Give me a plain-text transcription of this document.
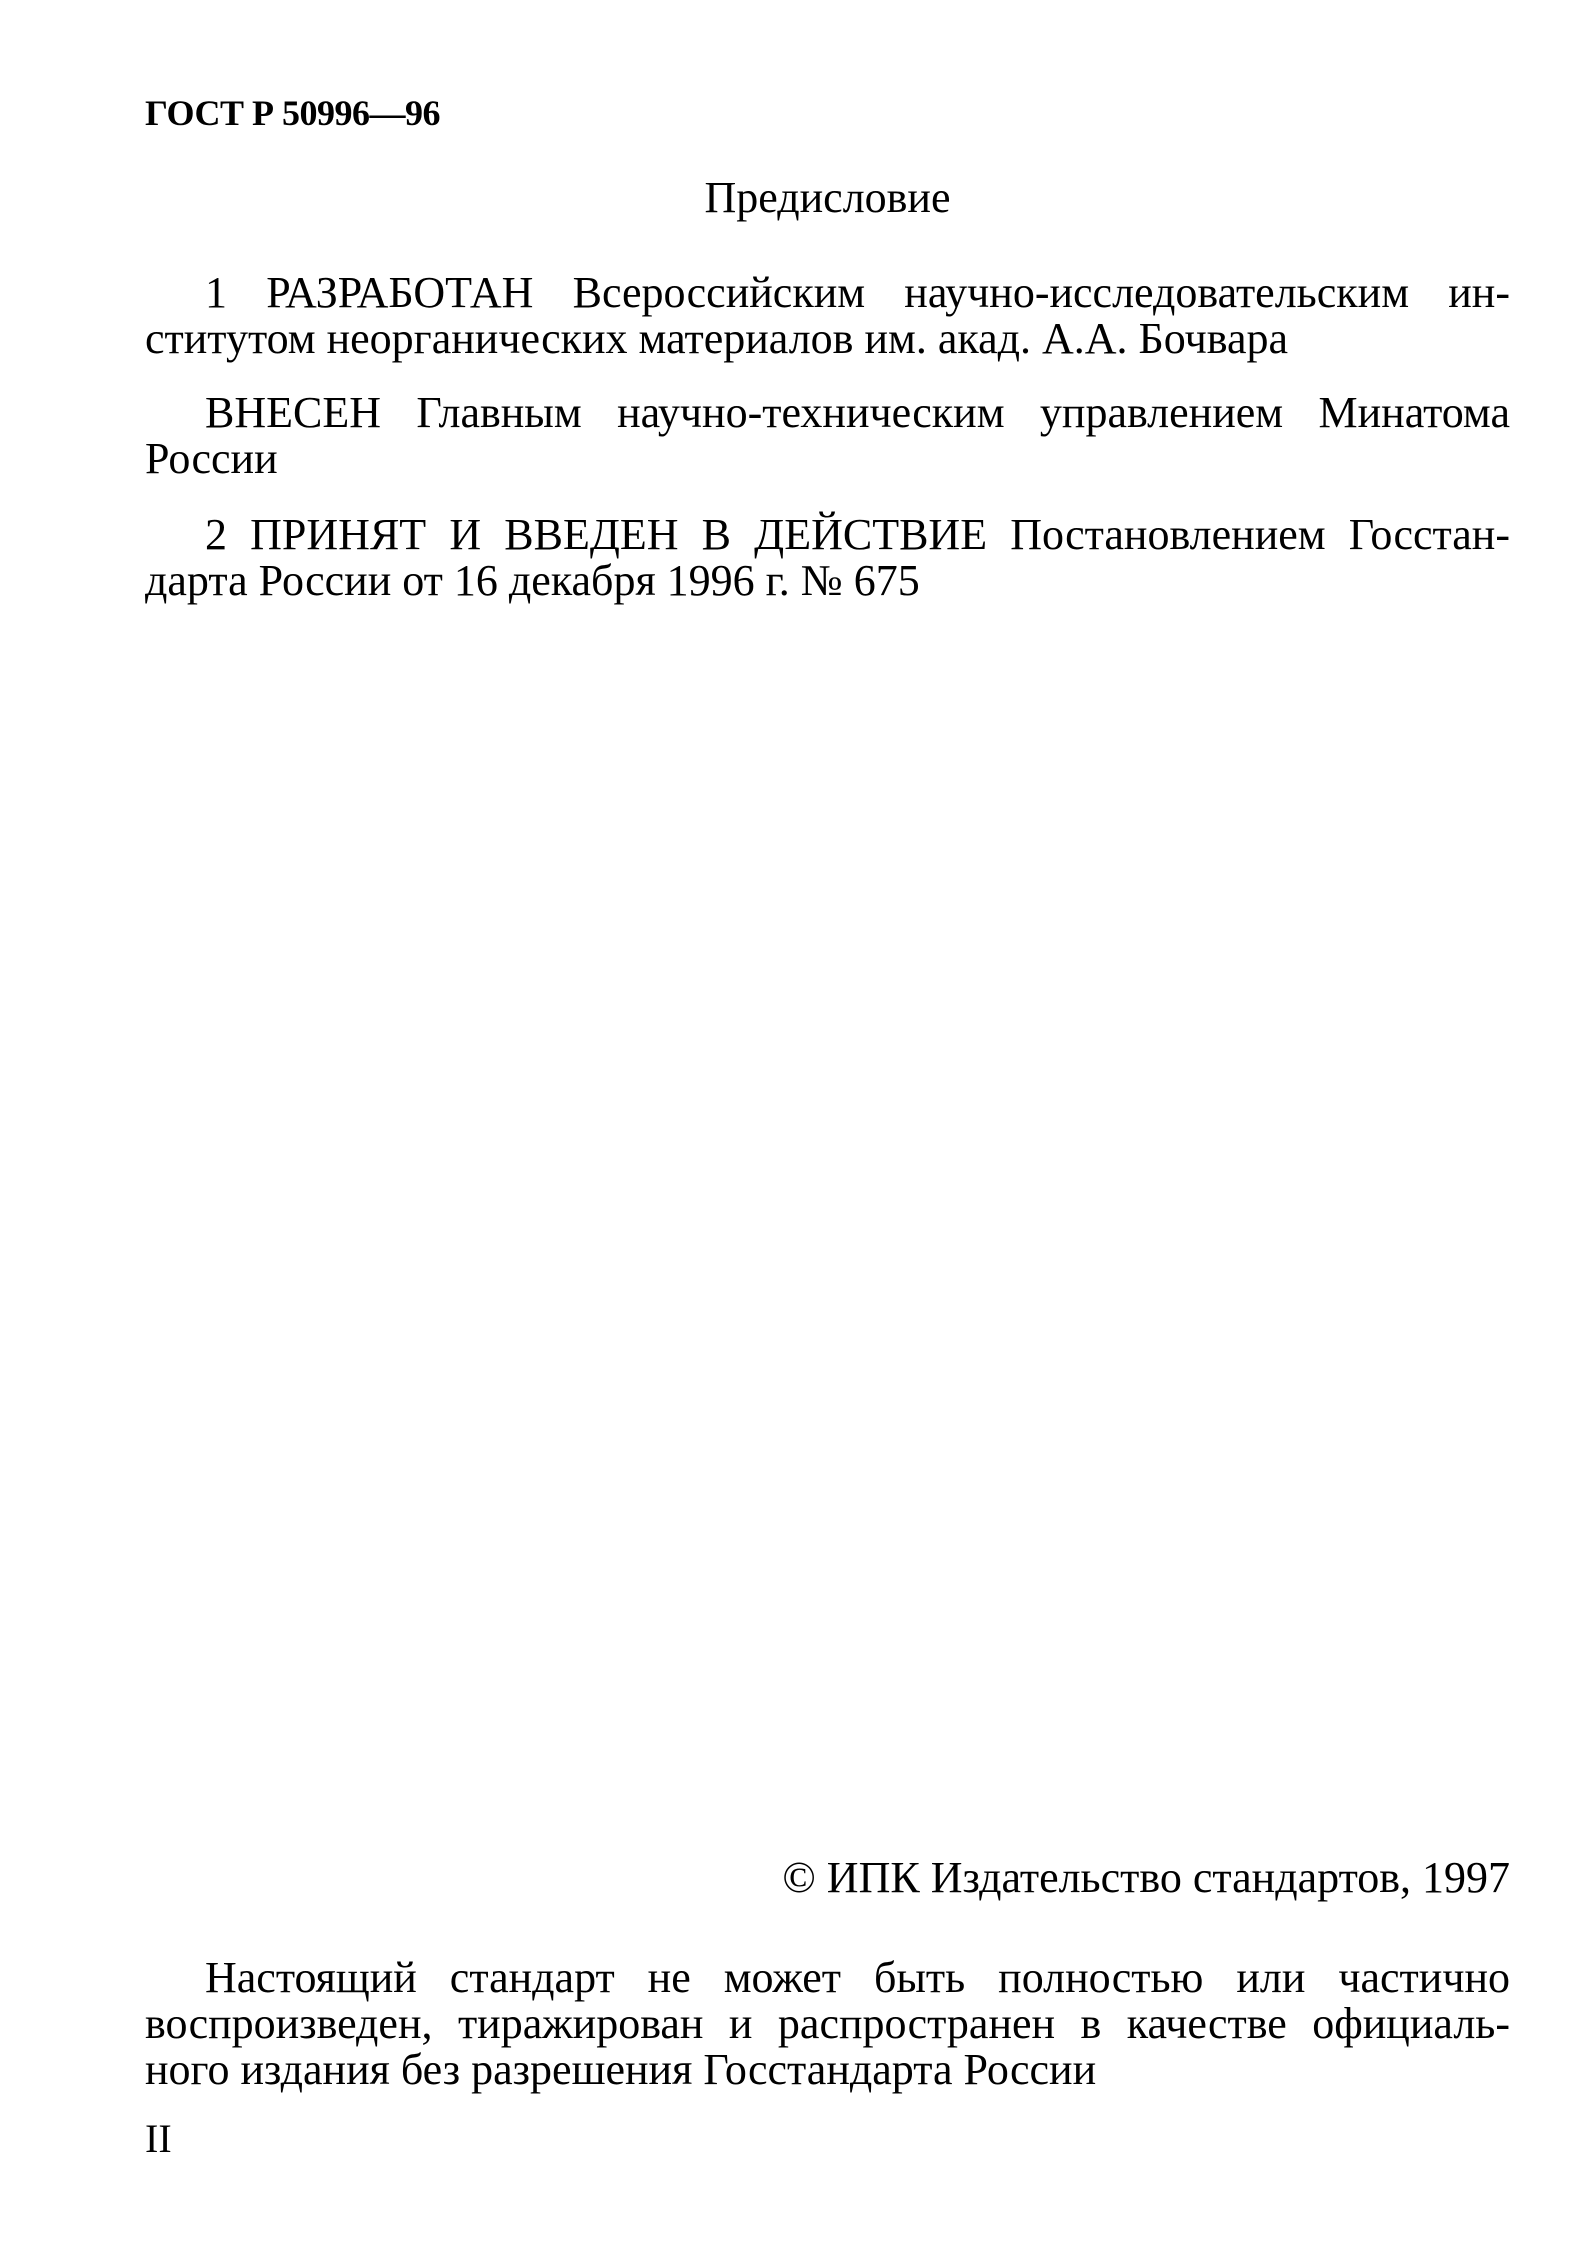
ГОСТ Р 50996—96
Предисловие
1 РАЗРАБОТАН Всероссийским научно-исследовательским ин-
ститутом неорганических материалов им. акад. А.А. Бочвара
ВНЕСЕН Главным научно-техническим управлением Минатома
России
2 ПРИНЯТ И ВВЕДЕН В ДЕЙСТВИЕ Постановлением Госстан-
дарта России от 16 декабря 1996 г. № 675
© ИПК Издательство стандартов, 1997
Настоящий стандарт не может быть полностью или частично
воспроизведен, тиражирован и распространен в качестве официаль-
ного издания без разрешения Госстандарта России
II
